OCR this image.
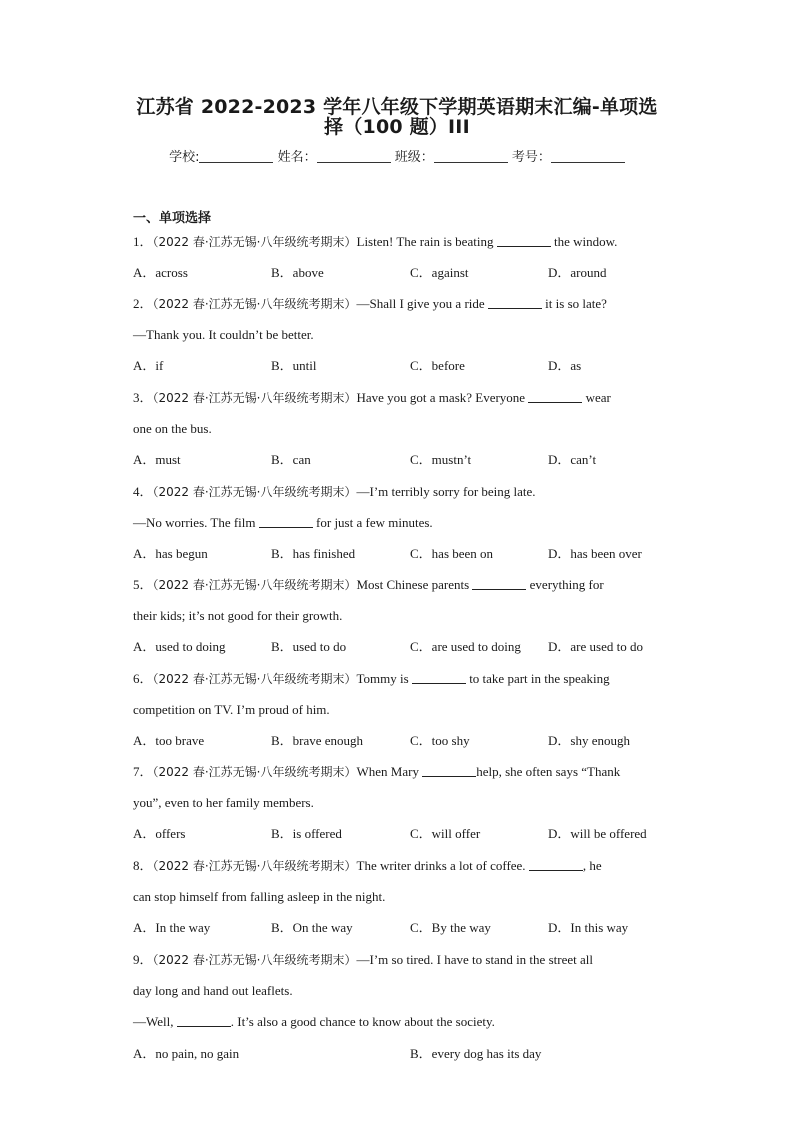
江苏省 2022-2023 学年八年级下学期英语期末汇编-单项选
择（100 题）III
学校:	姓名：	班级：	考号：
一、单项选择
1．（2022 春·江苏无锡·八年级统考期末）Listen! The rain is beating	the window.
A．across	B．above	C．against	D．around
2．（2022 春·江苏无锡·八年级统考期末）—Shall I give you a ride	it is so late?
—Thank you. It couldn’t be better.
A．if	B．until	C．before	D．as
3．（2022 春·江苏无锡·八年级统考期末）Have you got a mask? Everyone	wear
one on the bus.
A．must	B．can	C．mustn’t	D．can’t
4．（2022 春·江苏无锡·八年级统考期末）—I’m terribly sorry for being late.
—No worries. The film	for just a few minutes.
A．has begun	B．has finished	C．has been on	D．has been over
5．（2022 春·江苏无锡·八年级统考期末）Most Chinese parents	everything for
their kids; it’s not good for their growth.
A．used to doing	B．used to do	C．are used to doing D．are used to do
6．（2022 春·江苏无锡·八年级统考期末）Tommy is	to take part in the speaking
competition on TV. I’m proud of him.
A．too brave	B．brave enough	C．too shy	D．shy enough
7．（2022 春·江苏无锡·八年级统考期末）When Mary	help, she often says “Thank
you”, even to her family members.
A．offers	B．is offered	C．will offer	D．will be offered
8．（2022 春·江苏无锡·八年级统考期末）The writer drinks a lot of coffee.	, he
can stop himself from falling asleep in the night.
A．In the way	B．On the way	C．By the way	D．In this way
9．（2022 春·江苏无锡·八年级统考期末）—I’m so tired. I have to stand in the street all
day long and hand out leaflets.
—Well,	. It’s also a good chance to know about the society.
A．no pain, no gain	B．every dog has its day
